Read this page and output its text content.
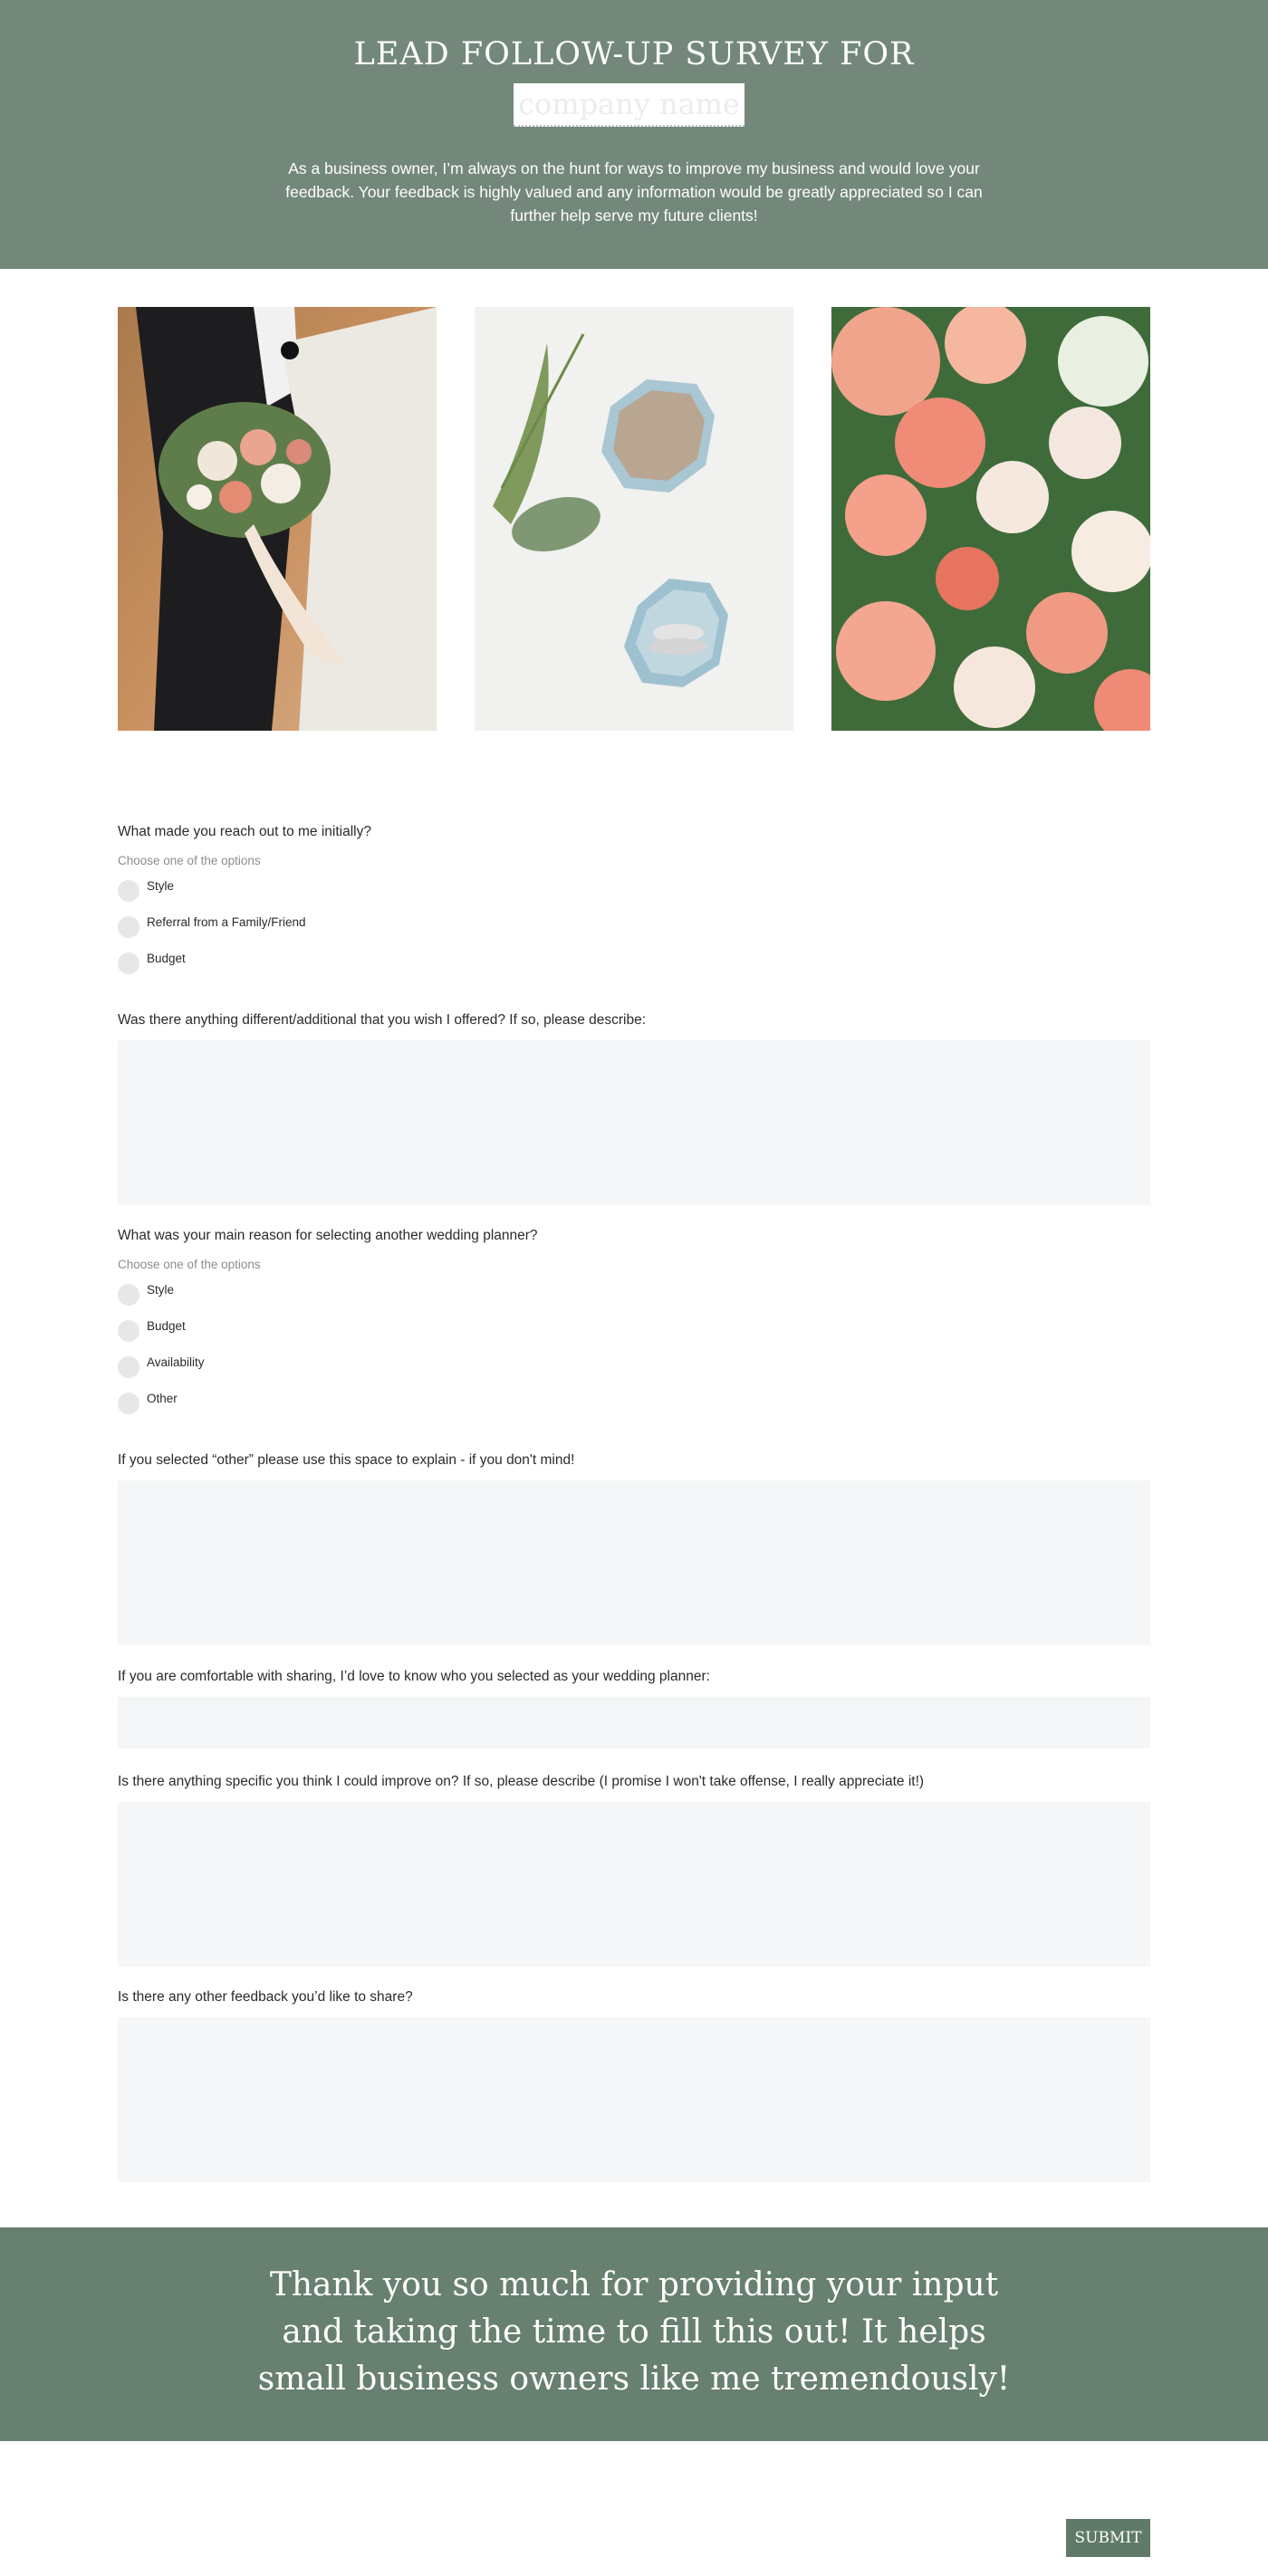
LEAD FOLLOW-UP SURVEY FOR
company name

As a business owner, I’m always on the hunt for ways to improve my business and would love your feedback. Your feedback is highly valued and any information would be greatly appreciated so I can further help serve my future clients!

What made you reach out to me initially?
Choose one of the options
Style
Referral from a Family/Friend
Budget
Was there anything different/additional that you wish I offered? If so, please describe:
What was your main reason for selecting another wedding planner?
Choose one of the options
Style
Budget
Availability
Other
If you selected “other” please use this space to explain - if you don't mind!
If you are comfortable with sharing, I’d love to know who you selected as your wedding planner:
Is there anything specific you think I could improve on? If so, please describe (I promise I won't take offense, I really appreciate it!)
Is there any other feedback you’d like to share?

Thank you so much for providing your input and taking the time to fill this out! It helps small business owners like me tremendously!

SUBMIT
